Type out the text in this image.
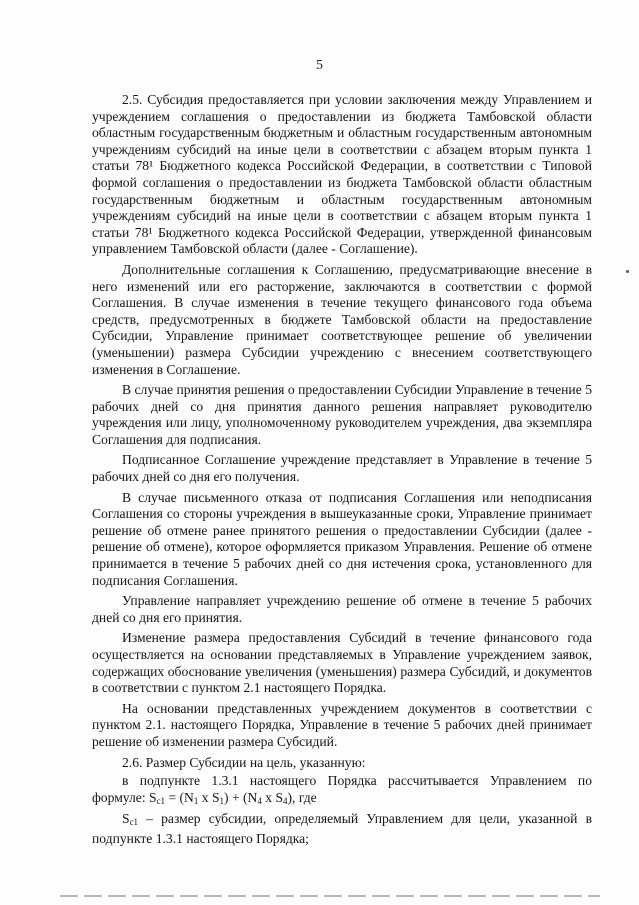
5

2.5. Субсидия предоставляется при условии заключения между Управлением и учреждением соглашения о предоставлении из бюджета Тамбовской области областным государственным бюджетным и областным государственным автономным учреждениям субсидий на иные цели в соответствии с абзацем вторым пункта 1 статьи 78¹ Бюджетного кодекса Российской Федерации, в соответствии с Типовой формой соглашения о предоставлении из бюджета Тамбовской области областным государственным бюджетным и областным государственным автономным учреждениям субсидий на иные цели в соответствии с абзацем вторым пункта 1 статьи 78¹ Бюджетного кодекса Российской Федерации, утвержденной финансовым управлением Тамбовской области (далее - Соглашение).

Дополнительные соглашения к Соглашению, предусматривающие внесение в него изменений или его расторжение, заключаются в соответствии с формой Соглашения. В случае изменения в течение текущего финансового года объема средств, предусмотренных в бюджете Тамбовской области на предоставление Субсидии, Управление принимает соответствующее решение об увеличении (уменьшении) размера Субсидии учреждению с внесением соответствующего изменения в Соглашение.

В случае принятия решения о предоставлении Субсидии Управление в течение 5 рабочих дней со дня принятия данного решения направляет руководителю учреждения или лицу, уполномоченному руководителем учреждения, два экземпляра Соглашения для подписания.

Подписанное Соглашение учреждение представляет в Управление в течение 5 рабочих дней со дня его получения.

В случае письменного отказа от подписания Соглашения или неподписания Соглашения со стороны учреждения в вышеуказанные сроки, Управление принимает решение об отмене ранее принятого решения о предоставлении Субсидии (далее - решение об отмене), которое оформляется приказом Управления. Решение об отмене принимается в течение 5 рабочих дней со дня истечения срока, установленного для подписания Соглашения.

Управление направляет учреждению решение об отмене в течение 5 рабочих дней со дня его принятия.

Изменение размера предоставления Субсидий в течение финансового года осуществляется на основании представляемых в Управление учреждением заявок, содержащих обоснование увеличения (уменьшения) размера Субсидий, и документов в соответствии с пунктом 2.1 настоящего Порядка.

На основании представленных учреждением документов в соответствии с пунктом 2.1. настоящего Порядка, Управление в течение 5 рабочих дней принимает решение об изменении размера Субсидий.

2.6. Размер Субсидии на цель, указанную:

в подпункте 1.3.1 настоящего Порядка рассчитывается Управлением по формуле: $S_{c1} = (N_1$ x $S_1) + (N_4$ x $S_4$), где

$S_{c1}$ – размер субсидии, определяемый Управлением для цели, указанной в подпункте 1.3.1 настоящего Порядка;
